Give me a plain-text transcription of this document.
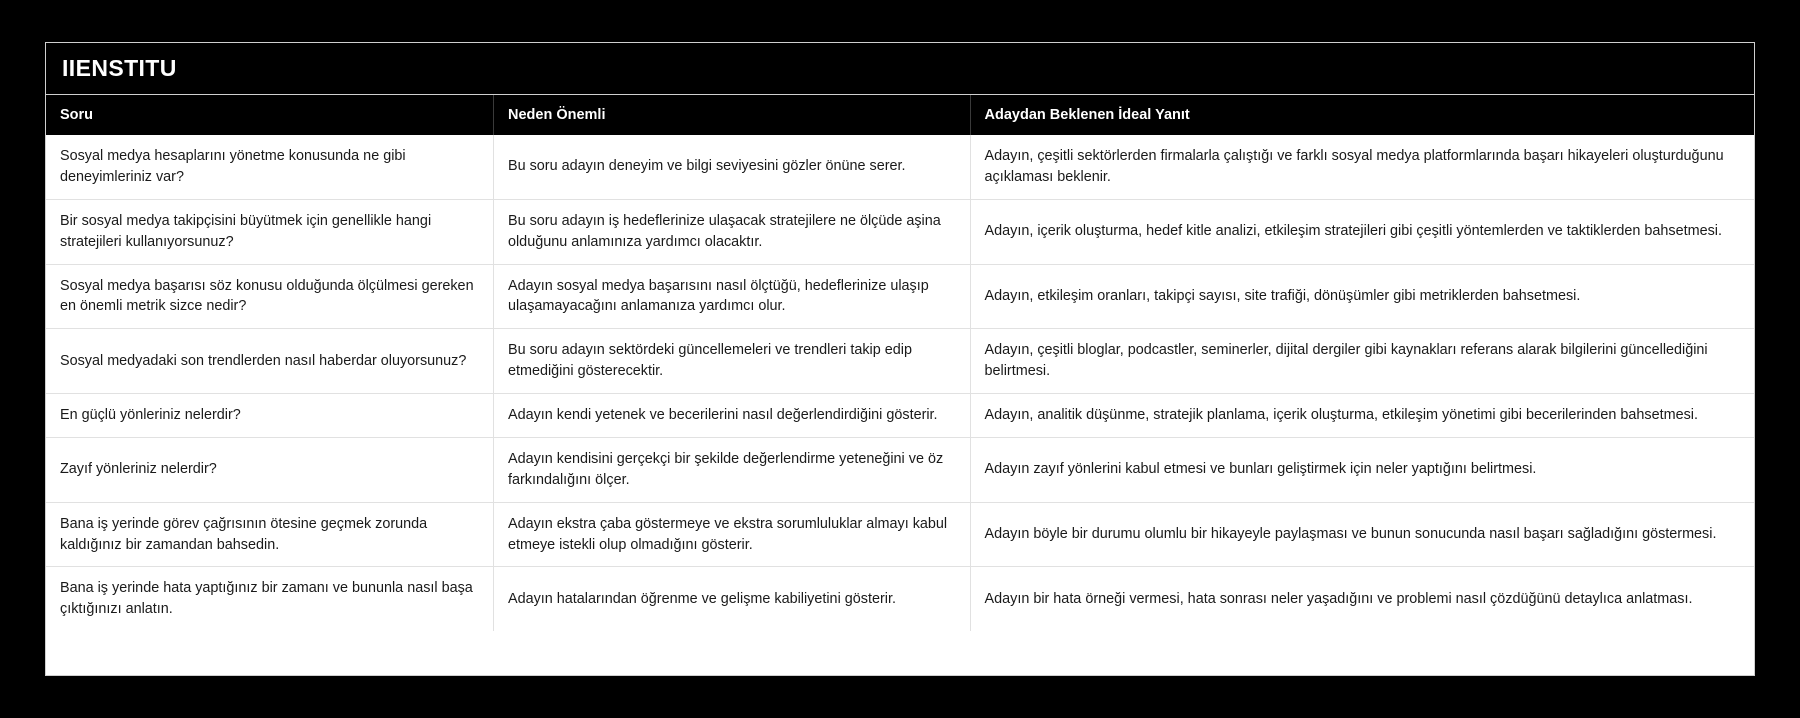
IIENSTITU
Soru	Neden Önemli	Adaydan Beklenen İdeal Yanıt
Sosyal medya hesaplarını yönetme konusunda ne gibi deneyimleriniz var?	Bu soru adayın deneyim ve bilgi seviyesini gözler önüne serer.	Adayın, çeşitli sektörlerden firmalarla çalıştığı ve farklı sosyal medya platformlarında başarı hikayeleri oluşturduğunu açıklaması beklenir.
Bir sosyal medya takipçisini büyütmek için genellikle hangi stratejileri kullanıyorsunuz?	Bu soru adayın iş hedeflerinize ulaşacak stratejilere ne ölçüde aşina olduğunu anlamınıza yardımcı olacaktır.	Adayın, içerik oluşturma, hedef kitle analizi, etkileşim stratejileri gibi çeşitli yöntemlerden ve taktiklerden bahsetmesi.
Sosyal medya başarısı söz konusu olduğunda ölçülmesi gereken en önemli metrik sizce nedir?	Adayın sosyal medya başarısını nasıl ölçtüğü, hedeflerinize ulaşıp ulaşamayacağını anlamanıza yardımcı olur.	Adayın, etkileşim oranları, takipçi sayısı, site trafiği, dönüşümler gibi metriklerden bahsetmesi.
Sosyal medyadaki son trendlerden nasıl haberdar oluyorsunuz?	Bu soru adayın sektördeki güncellemeleri ve trendleri takip edip etmediğini gösterecektir.	Adayın, çeşitli bloglar, podcastler, seminerler, dijital dergiler gibi kaynakları referans alarak bilgilerini güncellediğini belirtmesi.
En güçlü yönleriniz nelerdir?	Adayın kendi yetenek ve becerilerini nasıl değerlendirdiğini gösterir.	Adayın, analitik düşünme, stratejik planlama, içerik oluşturma, etkileşim yönetimi gibi becerilerinden bahsetmesi.
Zayıf yönleriniz nelerdir?	Adayın kendisini gerçekçi bir şekilde değerlendirme yeteneğini ve öz farkındalığını ölçer.	Adayın zayıf yönlerini kabul etmesi ve bunları geliştirmek için neler yaptığını belirtmesi.
Bana iş yerinde görev çağrısının ötesine geçmek zorunda kaldığınız bir zamandan bahsedin.	Adayın ekstra çaba göstermeye ve ekstra sorumluluklar almayı kabul etmeye istekli olup olmadığını gösterir.	Adayın böyle bir durumu olumlu bir hikayeyle paylaşması ve bunun sonucunda nasıl başarı sağladığını göstermesi.
Bana iş yerinde hata yaptığınız bir zamanı ve bununla nasıl başa çıktığınızı anlatın.	Adayın hatalarından öğrenme ve gelişme kabiliyetini gösterir.	Adayın bir hata örneği vermesi, hata sonrası neler yaşadığını ve problemi nasıl çözdüğünü detaylıca anlatması.
